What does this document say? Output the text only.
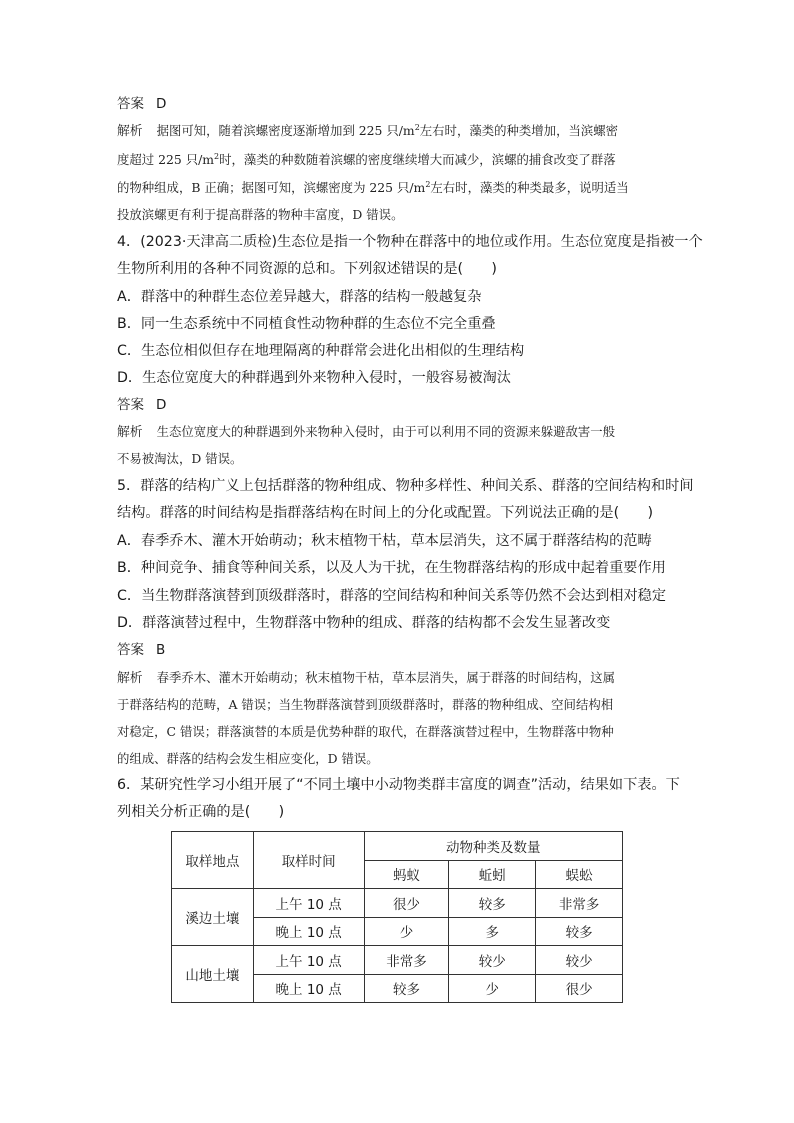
答案 D
解析 据图可知，随着滨螺密度逐渐增加到 225 只$/m^2$左右时，藻类的种类增加，当滨螺密
度超过 225 只$/m^2$时，藻类的种数随着滨螺的密度继续增大而减少，滨螺的捕食改变了群落
的物种组成，B 正确；据图可知，滨螺密度为 225 只$/m^2$左右时，藻类的种类最多，说明适当
投放滨螺更有利于提高群落的物种丰富度，D 错误。
4．(2023·天津高二质检)生态位是指一个物种在群落中的地位或作用。生态位宽度是指被一个
生物所利用的各种不同资源的总和。下列叙述错误的是(　　)
A．群落中的种群生态位差异越大，群落的结构一般越复杂
B．同一生态系统中不同植食性动物种群的生态位不完全重叠
C．生态位相似但存在地理隔离的种群常会进化出相似的生理结构
D．生态位宽度大的种群遇到外来物种入侵时，一般容易被淘汰
答案 D
解析 生态位宽度大的种群遇到外来物种入侵时，由于可以利用不同的资源来躲避敌害一般
不易被淘汰，D 错误。
5．群落的结构广义上包括群落的物种组成、物种多样性、种间关系、群落的空间结构和时间
结构。群落的时间结构是指群落结构在时间上的分化或配置。下列说法正确的是(　　)
A．春季乔木、灌木开始萌动；秋末植物干枯，草本层消失，这不属于群落结构的范畴
B．种间竞争、捕食等种间关系，以及人为干扰，在生物群落结构的形成中起着重要作用
C．当生物群落演替到顶级群落时，群落的空间结构和种间关系等仍然不会达到相对稳定
D．群落演替过程中，生物群落中物种的组成、群落的结构都不会发生显著改变
答案 B
解析 春季乔木、灌木开始萌动；秋末植物干枯，草本层消失，属于群落的时间结构，这属
于群落结构的范畴，A 错误；当生物群落演替到顶级群落时，群落的物种组成、空间结构相
对稳定，C 错误；群落演替的本质是优势种群的取代，在群落演替过程中，生物群落中物种
的组成、群落的结构会发生相应变化，D 错误。
6．某研究性学习小组开展了“不同土壤中小动物类群丰富度的调查”活动，结果如下表。下
列相关分析正确的是(　　)
取样地点	取样时间	动物种类及数量		
		蚂蚁	蚯蚓	蜈蚣
溪边土壤	上午 10 点	很少	较多	非常多
	晚上 10 点	少	多	较多
山地土壤	上午 10 点	非常多	较少	较少
	晚上 10 点	较多	少	很少
